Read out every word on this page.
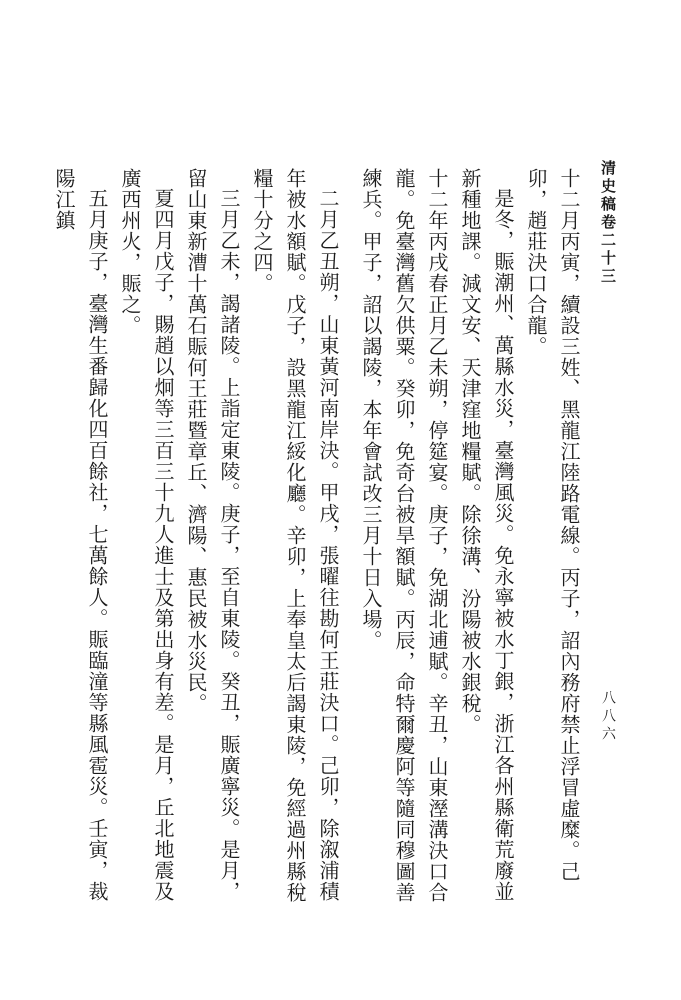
清史稿卷二十三
八八六

十二月丙寅，續設三姓、黑龍江陸路電線。丙子，詔內務府禁止浮冒虛糜。己卯，趙莊決口合龍。

是冬，賑潮州、萬縣水災，臺灣風災。免永寧被水丁銀，浙江各州縣衛荒廢並新種地課。減文安、天津窪地糧賦。除徐溝、汾陽被水銀稅。

十二年丙戌春正月乙未朔，停筵宴。庚子，免湖北逋賦。辛丑，山東溼溝決口合龍。免臺灣舊欠供粟。癸卯，免奇台被旱額賦。丙辰，命特爾慶阿等隨同穆圖善練兵。甲子，詔以謁陵，本年會試改三月十日入場。

二月乙丑朔，山東黃河南岸決。甲戌，張曜往勘何王莊決口。己卯，除溆浦積年被水額賦。戊子，設黑龍江綏化廳。辛卯，上奉皇太后謁東陵，免經過州縣稅糧十分之四。

三月乙未，謁諸陵。上詣定東陵。庚子，至自東陵。癸丑，賑廣寧災。是月，留山東新漕十萬石賑何王莊暨章丘、濟陽、惠民被水災民。

夏四月戊子，賜趙以炯等三百三十九人進士及第出身有差。是月，丘北地震及廣西州火，賑之。

五月庚子，臺灣生番歸化四百餘社，七萬餘人。賑臨潼等縣風雹災。壬寅，裁陽江鎮
